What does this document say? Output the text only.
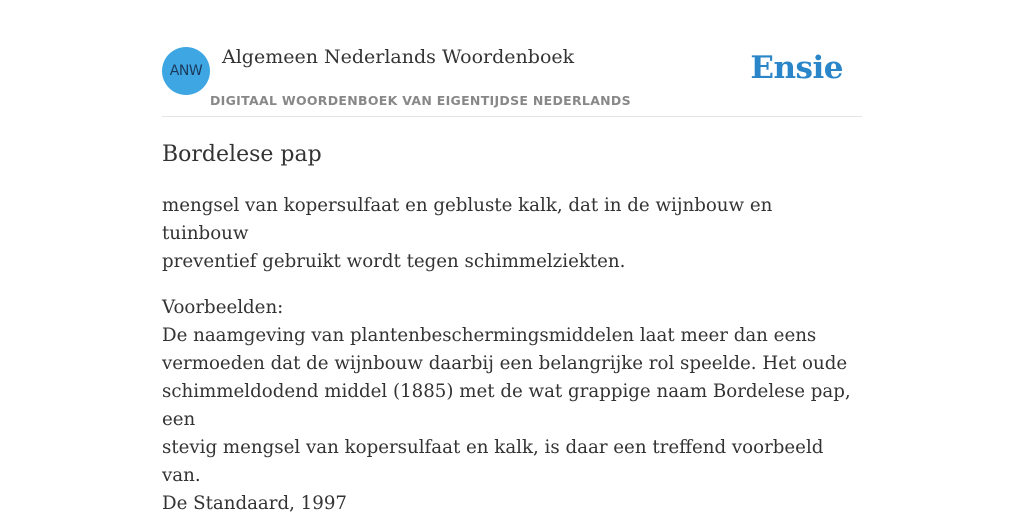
ANW
Algemeen Nederlands Woordenboek
DIGITAAL WOORDENBOEK VAN EIGENTIJDSE NEDERLANDS
Ensie
Bordelese pap

mengsel van kopersulfaat en gebluste kalk, dat in de wijnbouw en tuinbouw
preventief gebruikt wordt tegen schimmelziekten.

Voorbeelden:
De naamgeving van plantenbeschermingsmiddelen laat meer dan eens
vermoeden dat de wijnbouw daarbij een belangrijke rol speelde. Het oude
schimmeldodend middel (1885) met de wat grappige naam Bordelese pap, een
stevig mengsel van kopersulfaat en kalk, is daar een treffend voorbeeld van.
De Standaard, 1997
